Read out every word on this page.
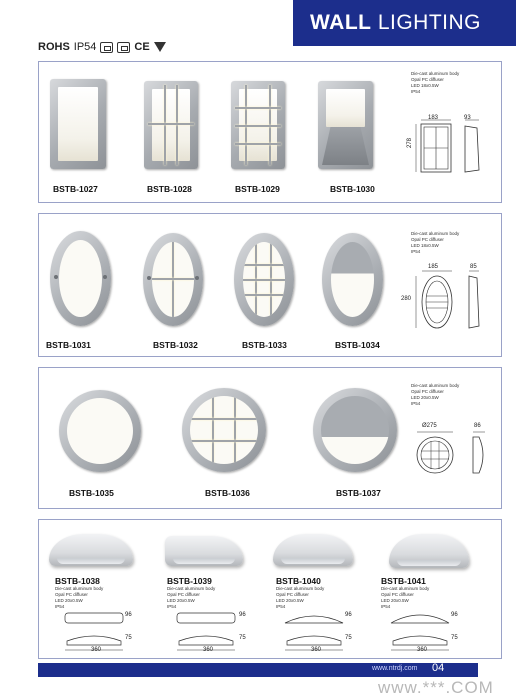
WALL LIGHTING
ROHS IP54	CE
BSTB-1027	BSTB-1028	BSTB-1029	BSTB-1030
Die-cast aluminum body
Opal PC diffuser
LED 18x0.5W
IP54
183	93
278
BSTB-1031	BSTB-1032	BSTB-1033	BSTB-1034
Die-cast aluminum body
Opal PC diffuser
LED 18x0.5W
IP54
185	85
280
BSTB-1035	BSTB-1036	BSTB-1037
Die-cast aluminum body
Opal PC diffuser
LED 20x0.5W
IP54
Ø275	86
BSTB-1038
Die-cast aluminum body
Opal PC diffuser
LED 20x0.5W
IP54
96
75
360
BSTB-1039
Die-cast aluminum body
Opal PC diffuser
LED 20x0.5W
IP54
96
75
360
BSTB-1040
Die-cast aluminum body
Opal PC diffuser
LED 20x0.5W
IP54
96
75
360
BSTB-1041
Die-cast aluminum body
Opal PC diffuser
LED 20x0.5W
IP54
96
75
360
www.ntrdj.com 04
www.***.COM
